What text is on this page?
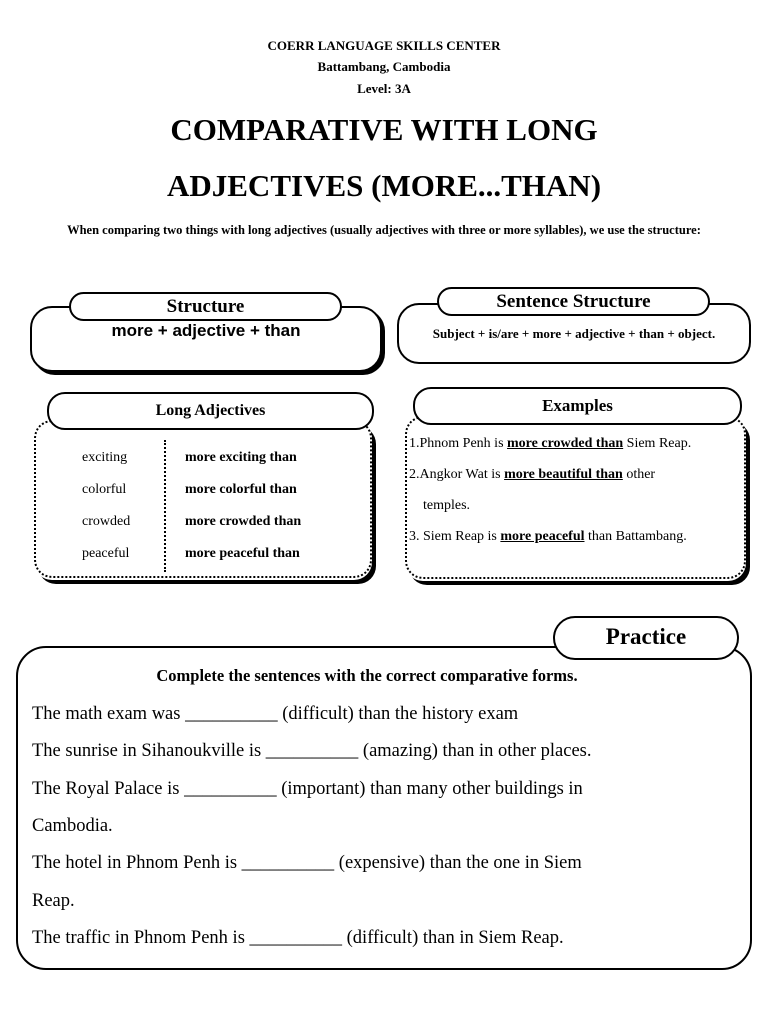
COERR LANGUAGE SKILLS CENTER
Battambang, Cambodia
Level: 3A
COMPARATIVE WITH LONG
ADJECTIVES (MORE...THAN)
When comparing two things with long adjectives (usually adjectives with three or more syllables), we use the structure:
more + adjective + than
Structure
Subject + is/are + more + adjective + than + object.
Sentence Structure
exciting	more exciting than
colorful	more colorful than
crowded	more crowded than
peaceful	more peaceful than
Long Adjectives
1.Phnom Penh is more crowded than Siem Reap.
2.Angkor Wat is more beautiful than other
temples.
3. Siem Reap is more peaceful than Battambang.
Examples
Complete the sentences with the correct comparative forms.
Practice
The math exam was __________ (difficult) than the history exam
The sunrise in Sihanoukville is __________ (amazing) than in other places.
The Royal Palace is __________ (important) than many other buildings in
Cambodia.
The hotel in Phnom Penh is __________ (expensive) than the one in Siem
Reap.
The traffic in Phnom Penh is __________ (difficult) than in Siem Reap.
